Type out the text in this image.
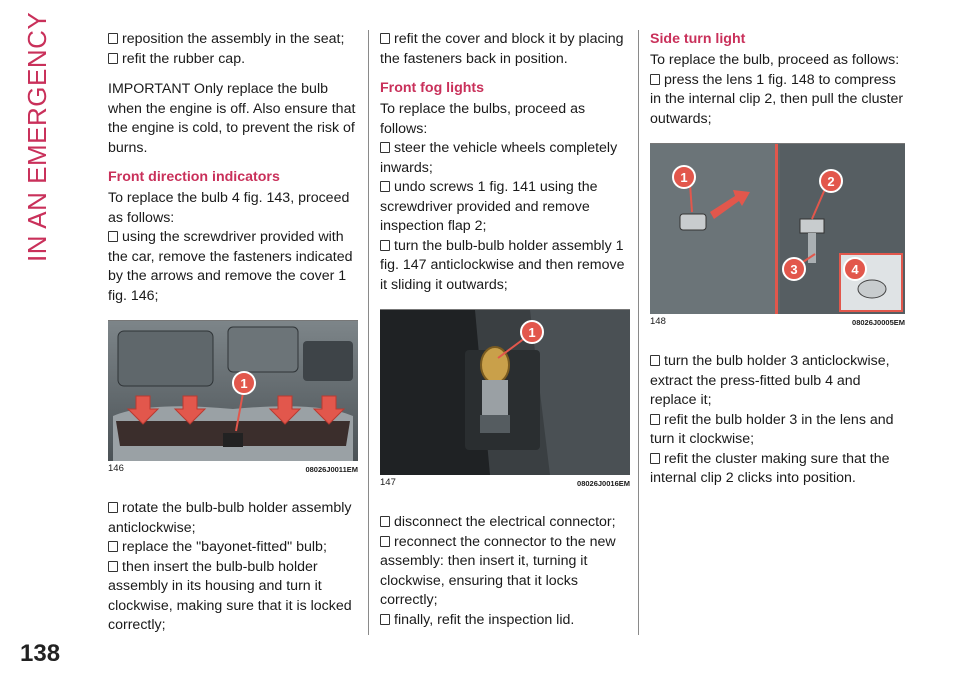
IN AN EMERGENCY	reposition the assembly in the seat;

refit the rubber cap.

IMPORTANT Only replace the bulb when the engine is off. Also ensure that the engine is cold, to prevent the risk of burns.

Front direction indicators

To replace the bulb 4 fig. 143, proceed as follows:

using the screwdriver provided with the car, remove the fasteners indicated by the arrows and remove the cover 1 fig. 146;

1
146	08026J0011EM

rotate the bulb-bulb holder assembly anticlockwise;

replace the "bayonet-fitted" bulb;

then insert the bulb-bulb holder assembly in its housing and turn it clockwise, making sure that it is locked correctly;

refit the cover and block it by placing the fasteners back in position.

Front fog lights

To replace the bulbs, proceed as follows:

steer the vehicle wheels completely inwards;

undo screws 1 fig. 141 using the screwdriver provided and remove inspection flap 2;

turn the bulb-bulb holder assembly 1 fig. 147 anticlockwise and then remove it sliding it outwards;

1
147	08026J0016EM

disconnect the electrical connector;

reconnect the connector to the new assembly: then insert it, turning it clockwise, ensuring that it locks correctly;

finally, refit the inspection lid.

Side turn light

To replace the bulb, proceed as follows:

press the lens 1 fig. 148 to compress in the internal clip 2, then pull the cluster outwards;

1	2
3	4
148	08026J0005EM

turn the bulb holder 3 anticlockwise, extract the press-fitted bulb 4 and replace it;

refit the bulb holder 3 in the lens and turn it clockwise;

refit the cluster making sure that the internal clip 2 clicks into position.

138
